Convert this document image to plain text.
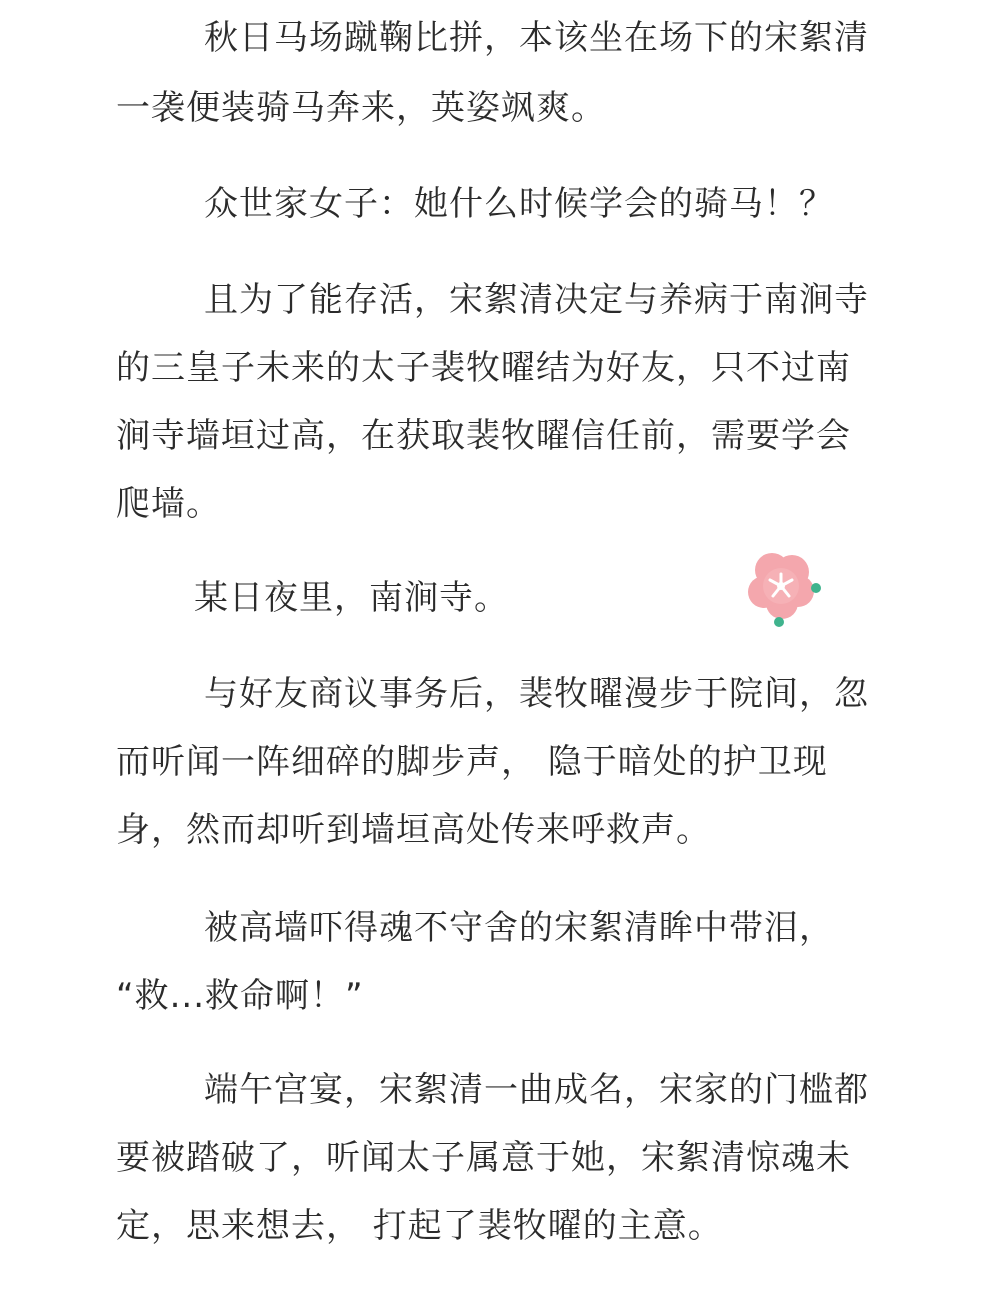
秋日马场蹴鞠比拼，本该坐在场下的宋絮清
一袭便装骑马奔来，英姿飒爽。
众世家女子：她什么时候学会的骑马！？
且为了能存活，宋絮清决定与养病于南涧寺
的三皇子未来的太子裴牧曜结为好友，只不过南
涧寺墙垣过高，在获取裴牧曜信任前，需要学会
爬墙。
某日夜里，南涧寺。
与好友商议事务后，裴牧曜漫步于院间，忽
而听闻一阵细碎的脚步声， 隐于暗处的护卫现
身，然而却听到墙垣高处传来呼救声。
被高墙吓得魂不守舍的宋絮清眸中带泪，
“救...救命啊！”
端午宫宴，宋絮清一曲成名，宋家的门槛都
要被踏破了，听闻太子属意于她，宋絮清惊魂未
定，思来想去， 打起了裴牧曜的主意。
